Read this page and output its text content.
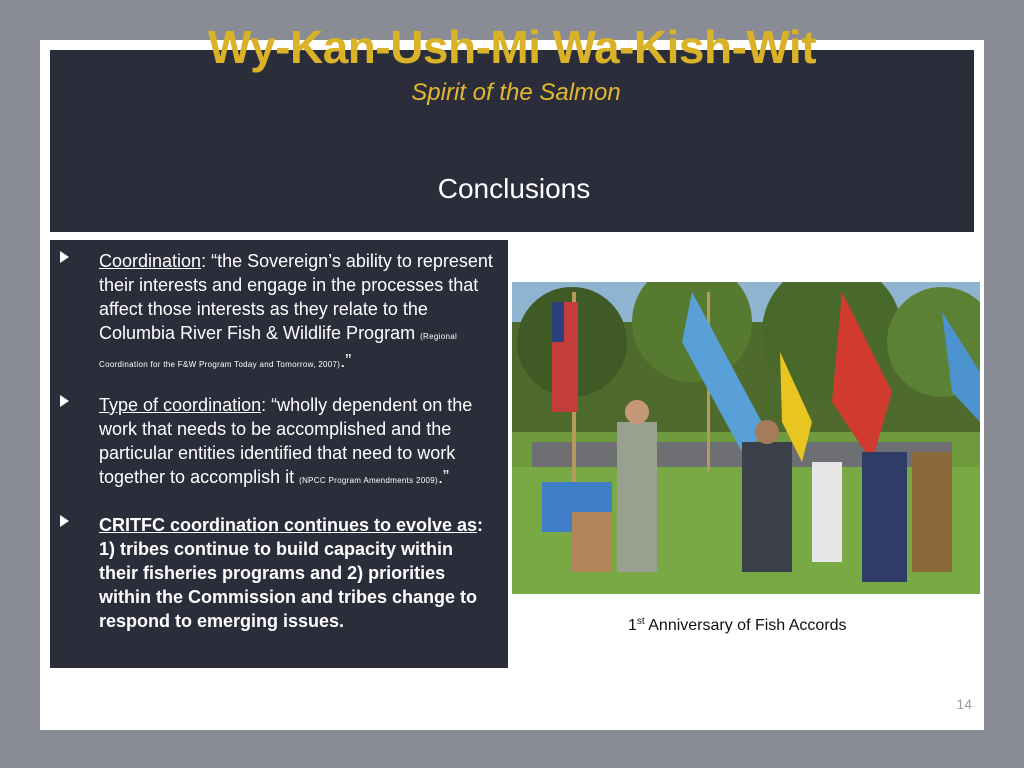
Wy-Kan-Ush-Mi Wa-Kish-Wit
Spirit of the Salmon
Conclusions
Coordination: “the Sovereign’s ability to represent their interests and engage in the processes that affect those interests as they relate to the Columbia River Fish & Wildlife Program (Regional Coordination for the F&W Program Today and Tomorrow, 2007).”
Type of coordination: “wholly dependent on the work that needs to be accomplished and the particular entities identified that need to work together to accomplish it (NPCC Program Amendments 2009).”
CRITFC coordination continues to evolve as: 1) tribes continue to build capacity within their fisheries programs and 2) priorities within the Commission and tribes change to respond to emerging issues.	1st Anniversary of Fish Accords
14
